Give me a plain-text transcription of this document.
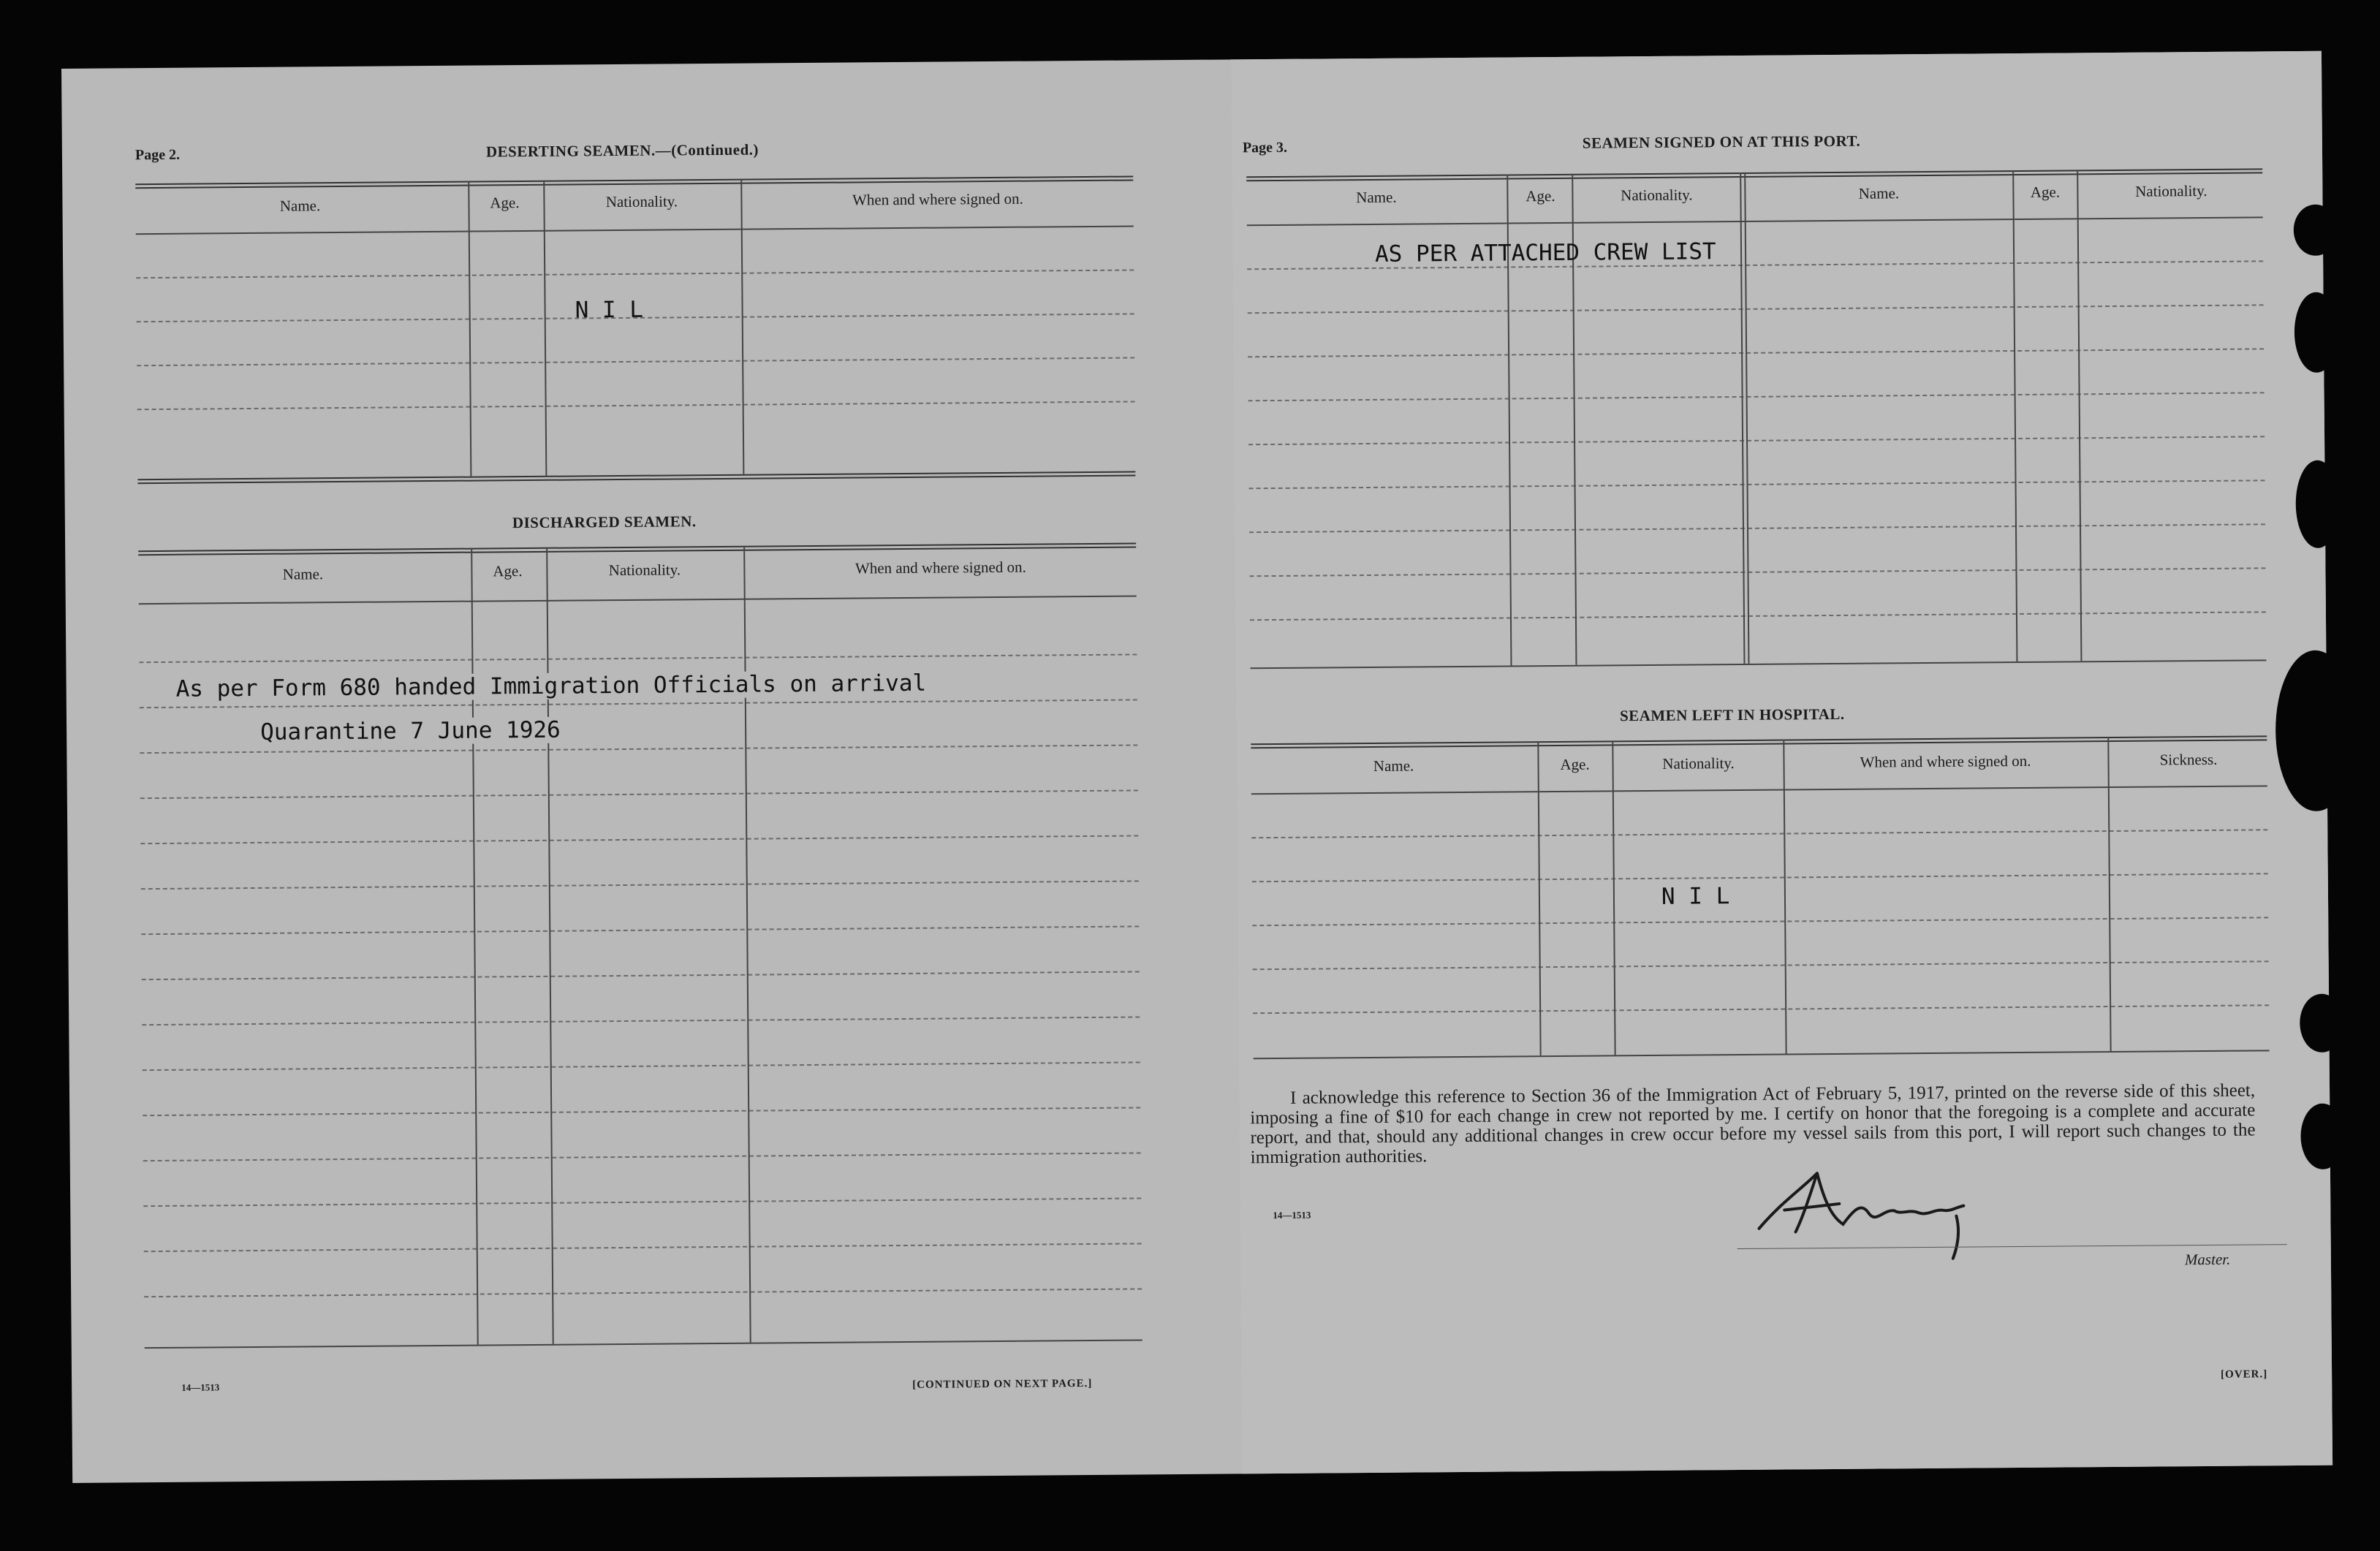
Page 2.	DESERTING SEAMEN.—(Continued.)
Name.	Age.	Nationality.	When and where signed on.
N I L
DISCHARGED SEAMEN.
Name.	Age.	Nationality.	When and where signed on.
As per Form 680 handed Immigration Officials on arrival
Quarantine 7 June 1926
14—1513	[CONTINUED ON NEXT PAGE.]
Page 3.	SEAMEN SIGNED ON AT THIS PORT.
Name.	Age.	Nationality.	Name.	Age.	Nationality.
AS PER ATTACHED CREW LIST
SEAMEN LEFT IN HOSPITAL.
Name.	Age.	Nationality.	When and where signed on.	Sickness.
N I L
I acknowledge this reference to Section 36 of the Immigration Act of February 5, 1917, printed on the reverse side of this sheet, imposing a fine of $10 for each change in crew not reported by me. I certify on honor that the foregoing is a complete and accurate report, and that, should any additional changes in crew occur before my vessel sails from this port, I will report such changes to the immigration authorities.
14—1513
Master.
[OVER.]
